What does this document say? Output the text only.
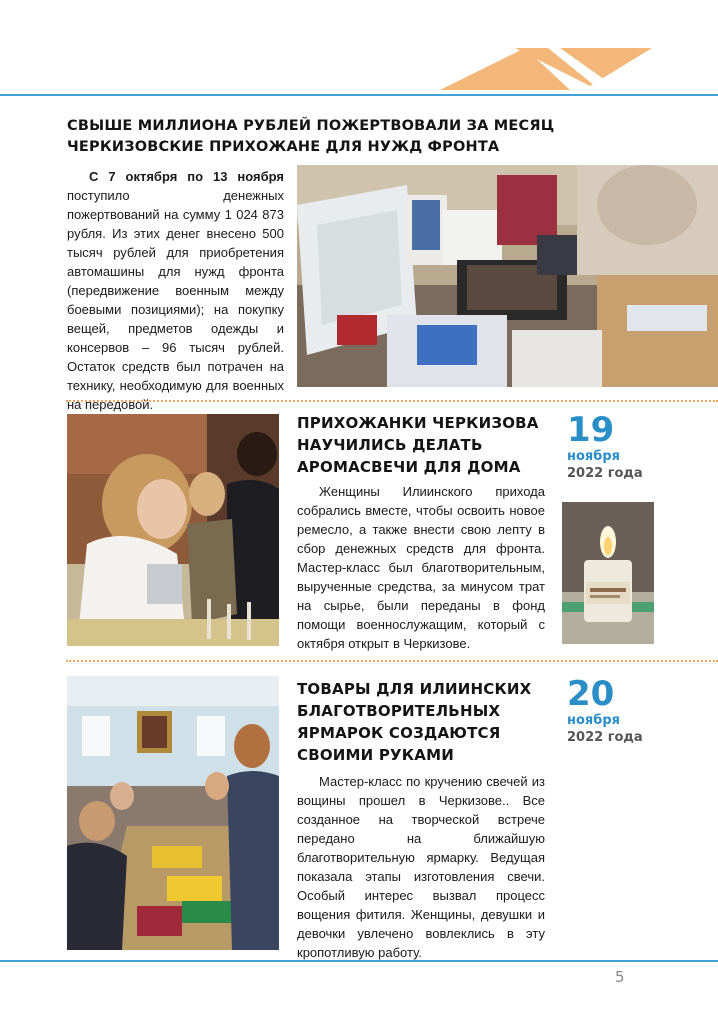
СВЫШЕ МИЛЛИОНА РУБЛЕЙ ПОЖЕРТВОВАЛИ ЗА МЕСЯЦ
ЧЕРКИЗОВСКИЕ ПРИХОЖАНЕ ДЛЯ НУЖД ФРОНТА

С 7 октября по 13 ноября поступило денежных пожертвований на сумму 1 024 873 рубля. Из этих денег внесено 500 тысяч рублей для приобретения автомашины для нужд фронта (передвижение военным между боевыми позициями); на покупку вещей, предметов одежды и консервов – 96 тысяч рублей. Остаток средств был потрачен на технику, необходимую для военных на передовой.

ПРИХОЖАНКИ ЧЕРКИЗОВА
НАУЧИЛИСЬ ДЕЛАТЬ
АРОМАСВЕЧИ ДЛЯ ДОМА

Женщины Илиинского прихода собрались вместе, чтобы освоить новое ремесло, а также внести свою лепту в сбор денежных средств для фронта. Мастер-класс был благотворительным, вырученные средства, за минусом трат на сырье, были переданы в фонд помощи военнослужащим, который с октября открыт в Черкизове.

19
ноября
2022 года
ТОВАРЫ ДЛЯ ИЛИИНСКИХ
БЛАГОТВОРИТЕЛЬНЫХ
ЯРМАРОК СОЗДАЮТСЯ
СВОИМИ РУКАМИ

Мастер-класс по кручению свечей из вощины прошел в Черкизове.. Все созданное на творческой встрече передано на ближайшую благотворительную ярмарку. Ведущая показала этапы изготовления свечи. Особый интерес вызвал процесс вощения фитиля. Женщины, девушки и девочки увлечено вовлеклись в эту кропотливую работу.

20
ноября
2022 года
5
